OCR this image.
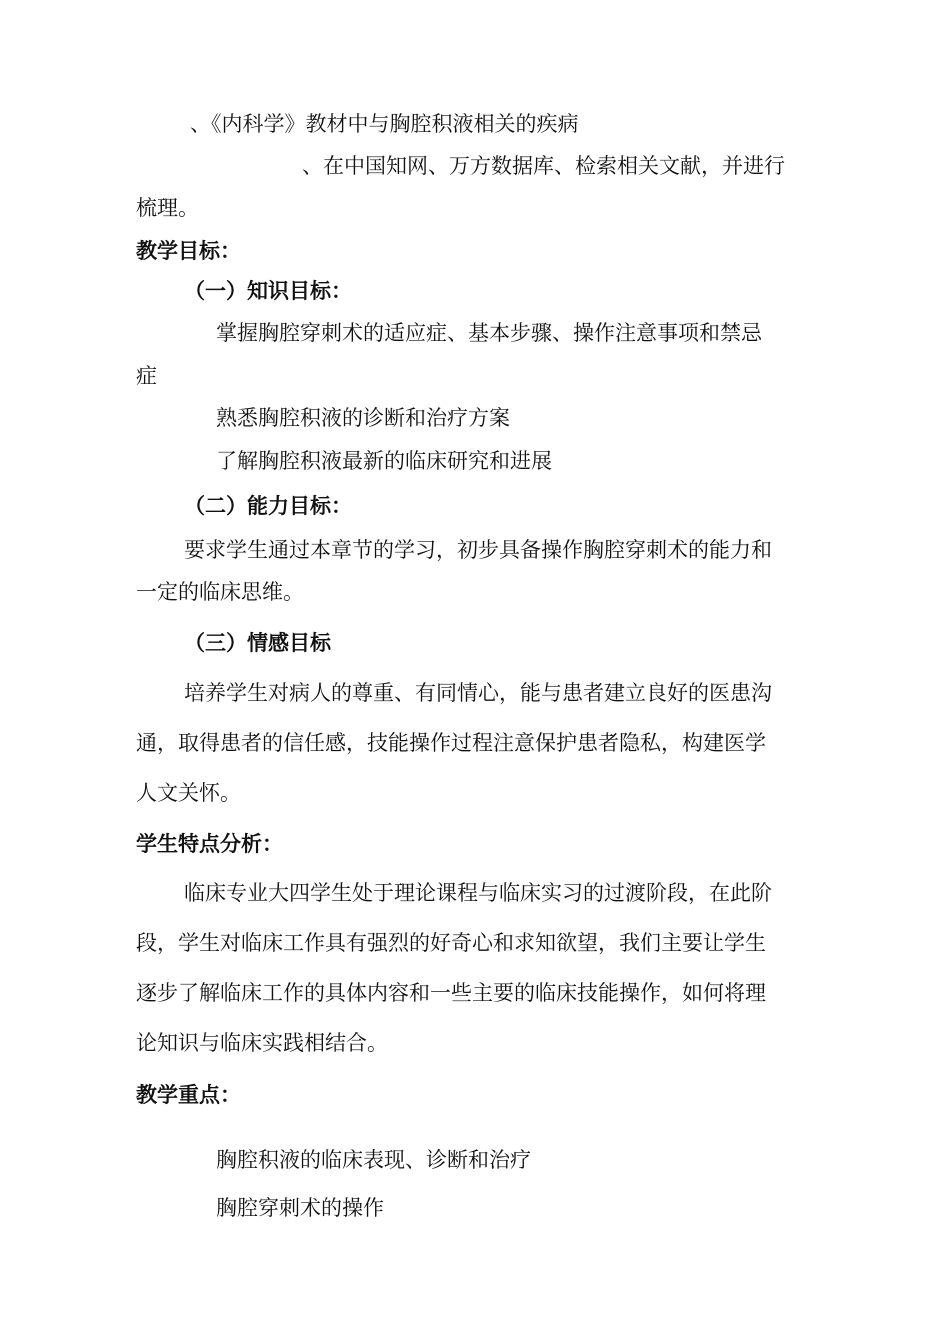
、《内科学》教材中与胸腔积液相关的疾病
、在中国知网、万方数据库、检索相关文献，并进行
梳理。
教学目标：
（一）知识目标：
掌握胸腔穿刺术的适应症、基本步骤、操作注意事项和禁忌
症
熟悉胸腔积液的诊断和治疗方案
了解胸腔积液最新的临床研究和进展
（二）能力目标：
要求学生通过本章节的学习，初步具备操作胸腔穿刺术的能力和
一定的临床思维。
（三）情感目标
培养学生对病人的尊重、有同情心，能与患者建立良好的医患沟
通，取得患者的信任感，技能操作过程注意保护患者隐私，构建医学
人文关怀。
学生特点分析：
临床专业大四学生处于理论课程与临床实习的过渡阶段，在此阶
段，学生对临床工作具有强烈的好奇心和求知欲望，我们主要让学生
逐步了解临床工作的具体内容和一些主要的临床技能操作，如何将理
论知识与临床实践相结合。
教学重点：
胸腔积液的临床表现、诊断和治疗
胸腔穿刺术的操作
